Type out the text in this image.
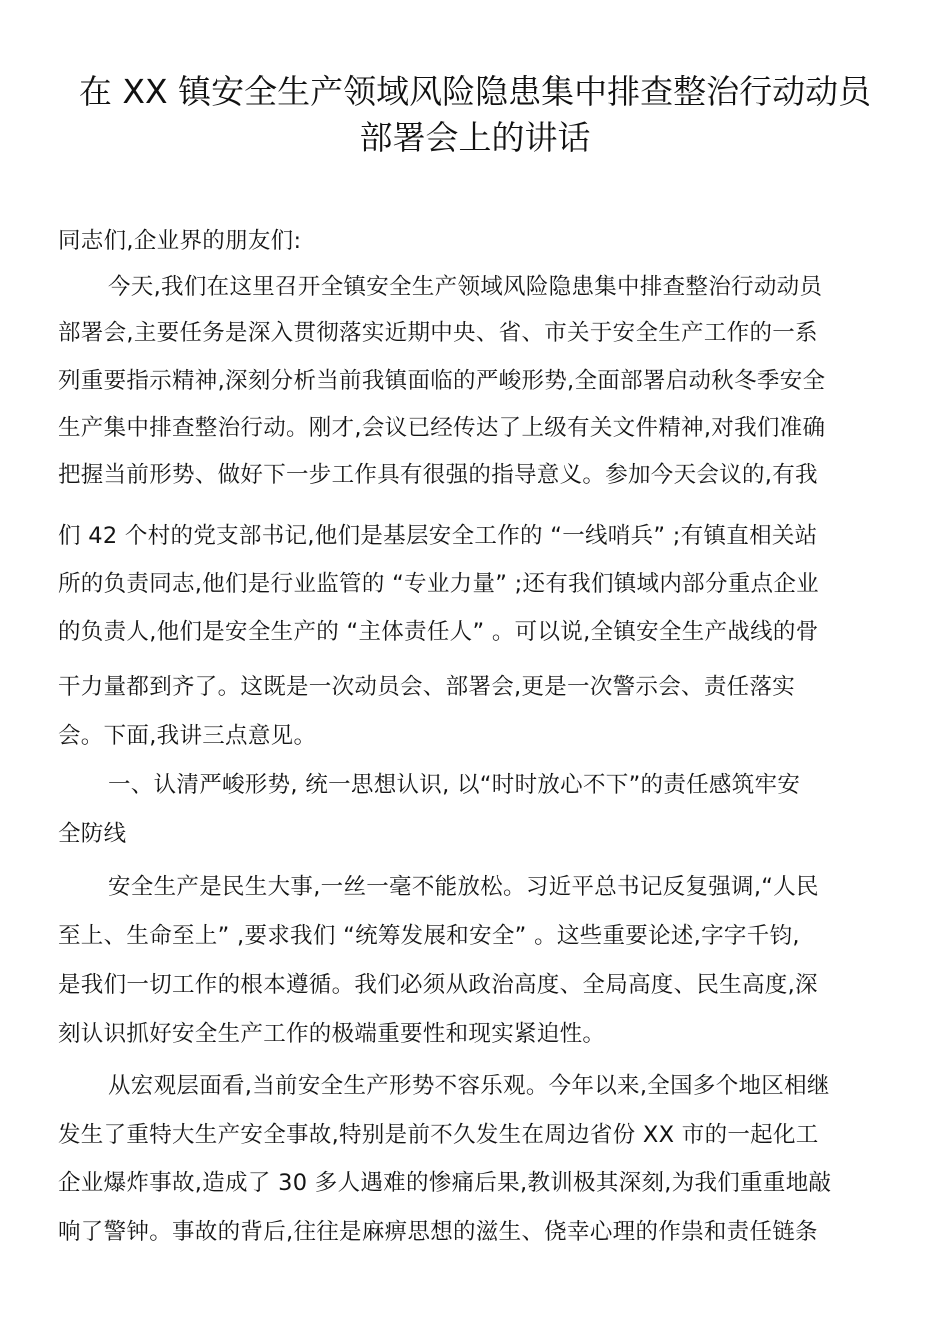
在 XX 镇安全生产领域风险隐患集中排查整治行动动员
部署会上的讲话
同志们,企业界的朋友们:
今天,我们在这里召开全镇安全生产领域风险隐患集中排查整治行动动员
部署会,主要任务是深入贯彻落实近期中央、省、市关于安全生产工作的一系
列重要指示精神,深刻分析当前我镇面临的严峻形势,全面部署启动秋冬季安全
生产集中排查整治行动。刚才,会议已经传达了上级有关文件精神,对我们准确
把握当前形势、做好下一步工作具有很强的指导意义。参加今天会议的,有我
们 42 个村的党支部书记,他们是基层安全工作的 “一线哨兵” ;有镇直相关站
所的负责同志,他们是行业监管的 “专业力量” ;还有我们镇域内部分重点企业
的负责人,他们是安全生产的 “主体责任人” 。可以说,全镇安全生产战线的骨
干力量都到齐了。这既是一次动员会、部署会,更是一次警示会、责任落实
会。下面,我讲三点意见。
一、认清严峻形势, 统一思想认识, 以“时时放心不下”的责任感筑牢安
全防线
安全生产是民生大事,一丝一毫不能放松。习近平总书记反复强调,“人民
至上、生命至上” ,要求我们 “统筹发展和安全” 。这些重要论述,字字千钧,
是我们一切工作的根本遵循。我们必须从政治高度、全局高度、民生高度,深
刻认识抓好安全生产工作的极端重要性和现实紧迫性。
从宏观层面看,当前安全生产形势不容乐观。今年以来,全国多个地区相继
发生了重特大生产安全事故,特别是前不久发生在周边省份 XX 市的一起化工
企业爆炸事故,造成了 30 多人遇难的惨痛后果,教训极其深刻,为我们重重地敲
响了警钟。事故的背后,往往是麻痹思想的滋生、侥幸心理的作祟和责任链条
